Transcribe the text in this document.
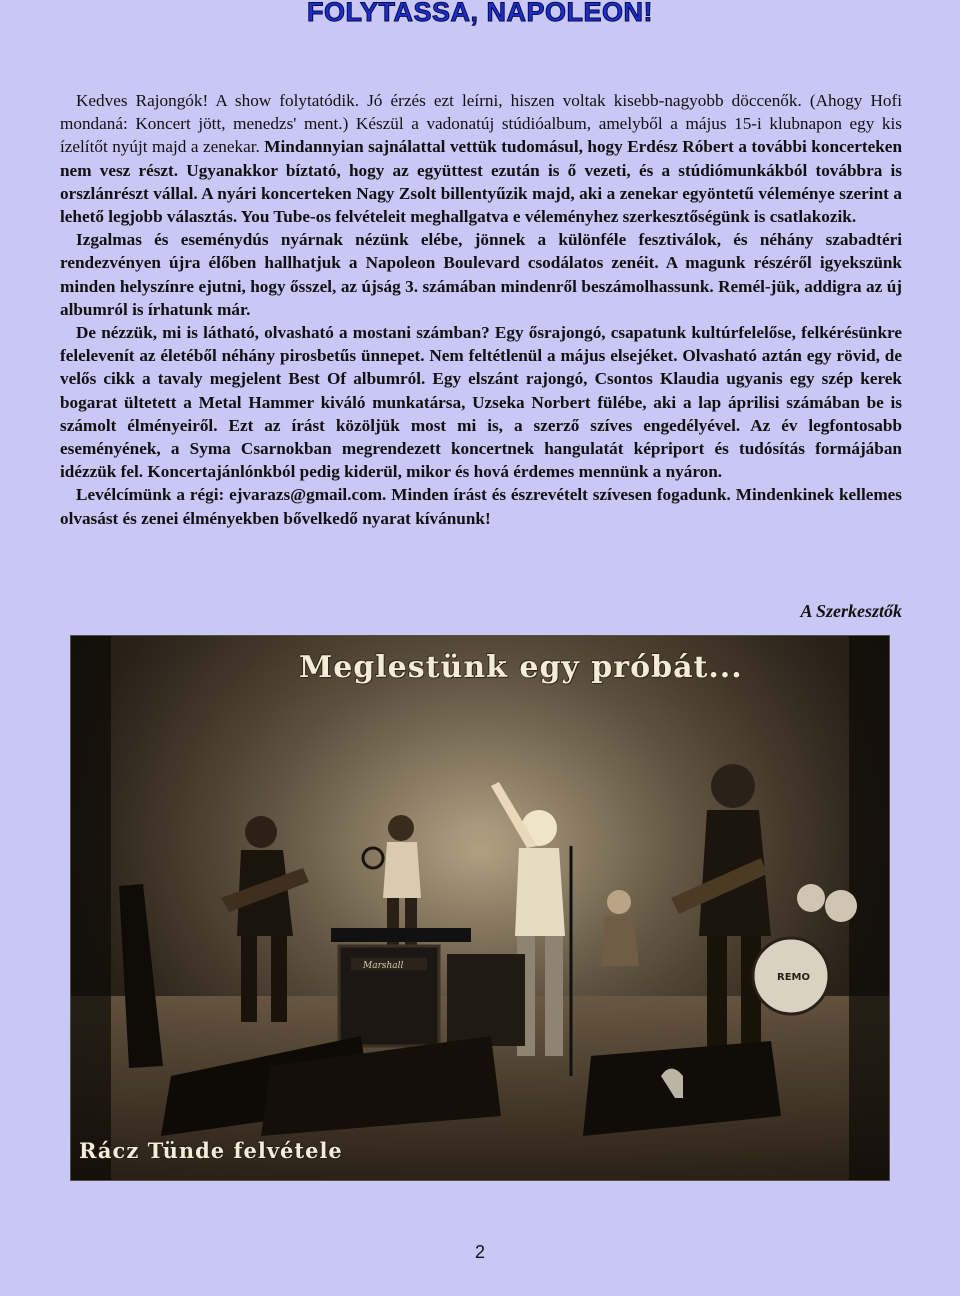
FOLYTASSA, NAPOLEON!

Kedves Rajongók! A show folytatódik. Jó érzés ezt leírni, hiszen voltak kisebb-nagyobb döccenők. (Ahogy Hofi mondaná: Koncert jött, menedzs' ment.) Készül a vadonatúj stúdióalbum, amelyből a május 15-i klubnapon egy kis ízelítőt nyújt majd a zenekar. Mindannyian sajnálattal vettük tudomásul, hogy Erdész Róbert a további koncerteken nem vesz részt. Ugyanakkor bíztató, hogy az együttest ezután is ő vezeti, és a stúdiómunkákból továbbra is orszlánrészt vállal. A nyári koncerteken Nagy Zsolt billentyűzik majd, aki a zenekar egyöntetű véleménye szerint a lehető legjobb választás. You Tube-os felvételeit meghallgatva e véleményhez szerkesztőségünk is csatlakozik.

Izgalmas és eseménydús nyárnak nézünk elébe, jönnek a különféle fesztiválok, és néhány szabadtéri rendezvényen újra élőben hallhatjuk a Napoleon Boulevard csodálatos zenéit. A magunk részéről igyekszünk minden helyszínre ejutni, hogy ősszel, az újság 3. számában mindenről beszámolhassunk. Remél-jük, addigra az új albumról is írhatunk már.

De nézzük, mi is látható, olvasható a mostani számban? Egy ősrajongó, csapatunk kultúrfelelőse, felkérésünkre felelevenít az életéből néhány pirosbetűs ünnepet. Nem feltétlenül a május elsejéket. Olvasható aztán egy rövid, de velős cikk a tavaly megjelent Best Of albumról. Egy elszánt rajongó, Csontos Klaudia ugyanis egy szép kerek bogarat ültetett a Metal Hammer kiváló munkatársa, Uzseka Norbert fülébe, aki a lap áprilisi számában be is számolt élményeiről. Ezt az írást közöljük most mi is, a szerző szíves engedélyével. Az év legfontosabb eseményének, a Syma Csarnokban megrendezett koncertnek hangulatát képriport és tudósítás formájában idézzük fel. Koncertajánlónkból pedig kiderül, mikor és hová érdemes mennünk a nyáron.

Levélcímünk a régi: ejvarazs@gmail.com. Minden írást és észrevételt szívesen fogadunk. Mindenkinek kellemes olvasást és zenei élményekben bővelkedő nyarat kívánunk!

A Szerkesztők
REMO
Marshall
Meglestünk egy próbát...
Rácz Tünde felvétele
2
